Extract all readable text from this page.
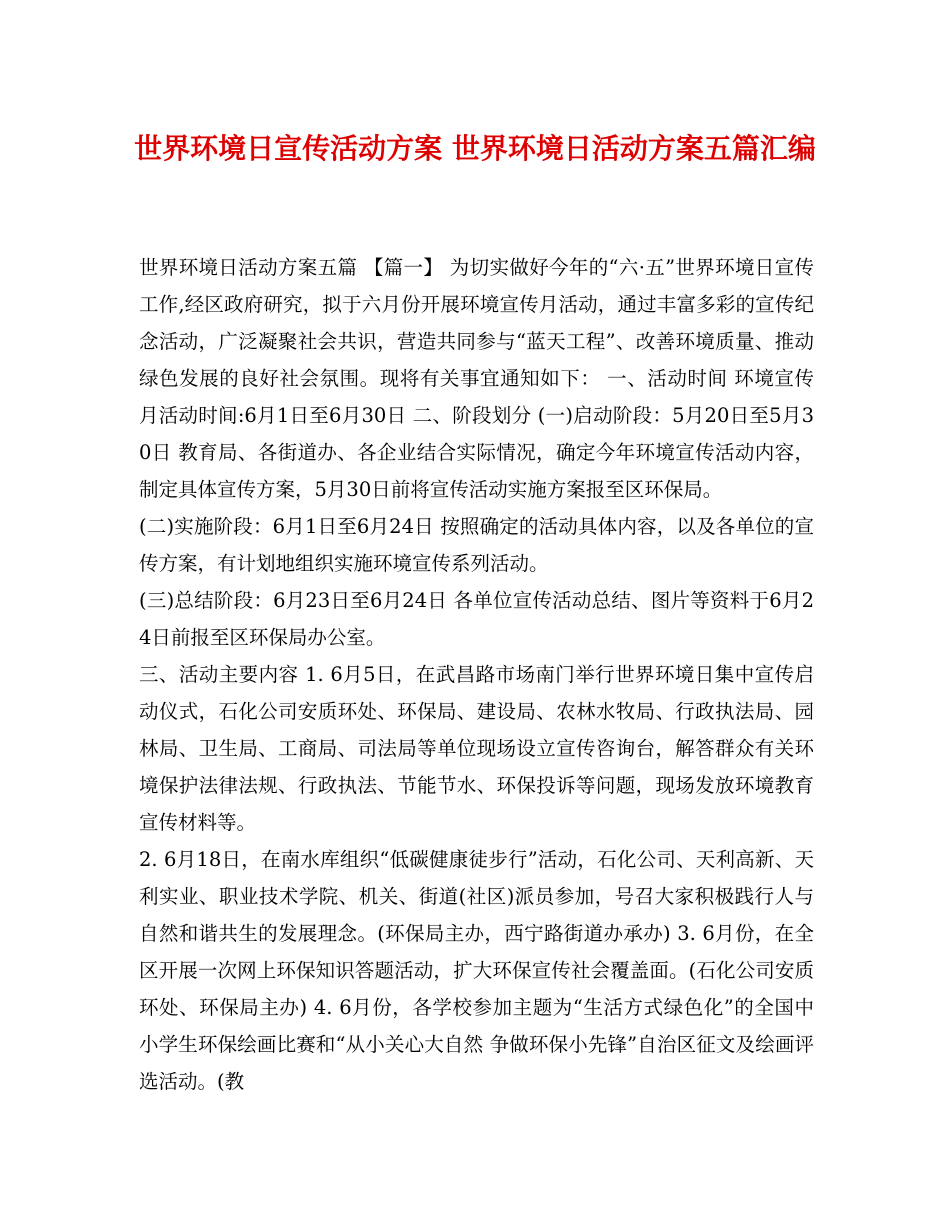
世界环境日宣传活动方案 世界环境日活动方案五篇汇编

世界环境日活动方案五篇 【篇一】 为切实做好今年的“六·五”世界环境日宣传工作,经区政府研究，拟于六月份开展环境宣传月活动，通过丰富多彩的宣传纪念活动，广泛凝聚社会共识，营造共同参与“蓝天工程”、改善环境质量、推动绿色发展的良好社会氛围。现将有关事宜通知如下： 一、活动时间 环境宣传月活动时间:6月1日至6月30日 二、阶段划分 (一)启动阶段：5月20日至5月30日 教育局、各街道办、各企业结合实际情况，确定今年环境宣传活动内容，制定具体宣传方案，5月30日前将宣传活动实施方案报至区环保局。

(二)实施阶段：6月1日至6月24日 按照确定的活动具体内容，以及各单位的宣传方案，有计划地组织实施环境宣传系列活动。

(三)总结阶段：6月23日至6月24日 各单位宣传活动总结、图片等资料于6月24日前报至区环保局办公室。

三、活动主要内容 1. 6月5日，在武昌路市场南门举行世界环境日集中宣传启动仪式，石化公司安质环处、环保局、建设局、农林水牧局、行政执法局、园林局、卫生局、工商局、司法局等单位现场设立宣传咨询台，解答群众有关环境保护法律法规、行政执法、节能节水、环保投诉等问题，现场发放环境教育宣传材料等。

2. 6月18日，在南水库组织“低碳健康徒步行”活动，石化公司、天利高新、天利实业、职业技术学院、机关、街道(社区)派员参加，号召大家积极践行人与自然和谐共生的发展理念。(环保局主办，西宁路街道办承办) 3. 6月份，在全区开展一次网上环保知识答题活动，扩大环保宣传社会覆盖面。(石化公司安质环处、环保局主办) 4. 6月份，各学校参加主题为“生活方式绿色化”的全国中小学生环保绘画比赛和“从小关心大自然 争做环保小先锋”自治区征文及绘画评选活动。(教
